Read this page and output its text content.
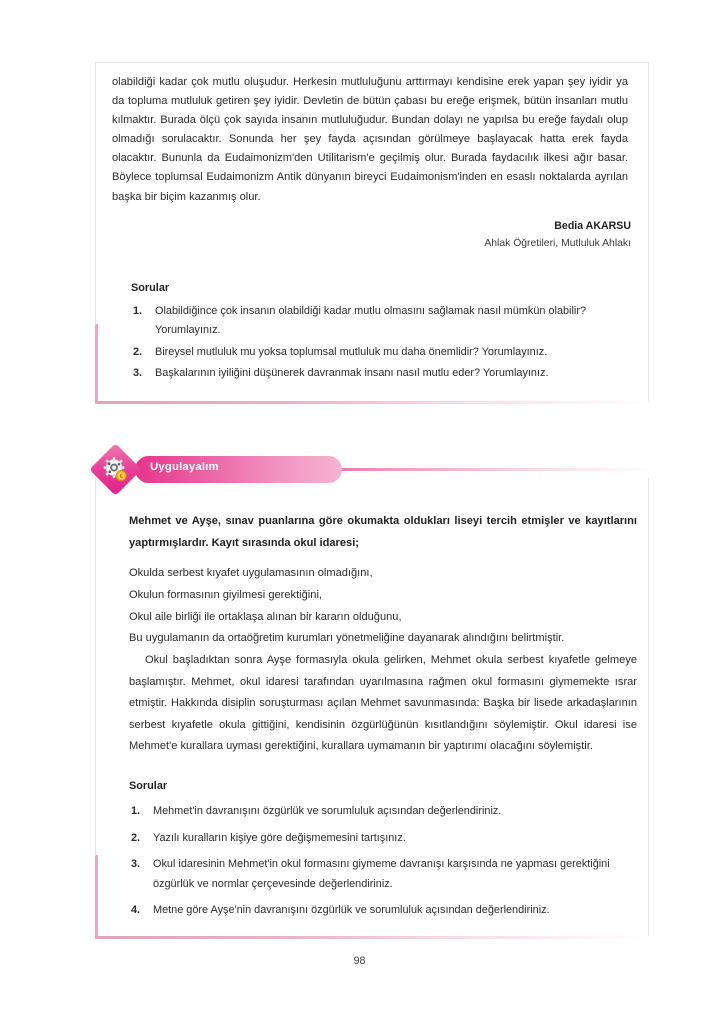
olabildiği kadar çok mutlu oluşudur. Herkesin mutluluğunu arttırmayı kendisine erek yapan şey iyidir ya da topluma mutluluk getiren şey iyidir. Devletin de bütün çabası bu ereğe erişmek, bütün insanları mutlu kılmaktır. Burada ölçü çok sayıda insanın mutluluğudur. Bundan dolayı ne yapılsa bu ereğe faydalı olup olmadığı sorulacaktır. Sonunda her şey fayda açısından görülmeye başlayacak hatta erek fayda olacaktır. Bununla da Eudaimonizm'den Utilitarism'e geçilmiş olur. Burada faydacılık ilkesi ağır basar. Böylece toplumsal Eudaimonizm Antik dünyanın bireyci Eudaimonism'inden en esaslı noktalarda ayrılan başka bir biçim kazanmış olur.

Bedia AKARSU
Ahlak Öğretileri, Mutluluk Ahlakı
Sorular
1.	Olabildiğince çok insanın olabildiği kadar mutlu olmasını sağlamak nasıl mümkün olabilir? Yorumlayınız.
2.	Bireysel mutluluk mu yoksa toplumsal mutluluk mu daha önemlidir? Yorumlayınız.
3.	Başkalarının iyiliğini düşünerek davranmak insanı nasıl mutlu eder? Yorumlayınız.
€
Uygulayalım

Mehmet ve Ayşe, sınav puanlarına göre okumakta oldukları liseyi tercih etmişler ve kayıtlarını yaptırmışlardır. Kayıt sırasında okul idaresi;

Okulda serbest kıyafet uygulamasının olmadığını,
Okulun formasının giyilmesi gerektiğini,
Okul aile birliği ile ortaklaşa alınan bir kararın olduğunu,
Bu uygulamanın da ortaöğretim kurumları yönetmeliğine dayanarak alındığını belirtmiştir.

Okul başladıktan sonra Ayşe formasıyla okula gelirken, Mehmet okula serbest kıyafetle gelmeye başlamıştır. Mehmet, okul idaresi tarafından uyarılmasına rağmen okul formasını giymemekte ısrar etmiştir. Hakkında disiplin soruşturması açılan Mehmet savunmasında: Başka bir lisede arkadaşlarının serbest kıyafetle okula gittiğini, kendisinin özgürlüğünün kısıtlandığını söylemiştir. Okul idaresi ise Mehmet'e kurallara uyması gerektiğini, kurallara uymamanın bir yaptırımı olacağını söylemiştir.

Sorular
1.	Mehmet'in davranışını özgürlük ve sorumluluk açısından değerlendiriniz.
2.	Yazılı kuralların kişiye göre değişmemesini tartışınız.
3.	Okul idaresinin Mehmet'in okul formasını giymeme davranışı karşısında ne yapması gerektiğini özgürlük ve normlar çerçevesinde değerlendiriniz.
4.	Metne göre Ayşe'nin davranışını özgürlük ve sorumluluk açısından değerlendiriniz.
98
